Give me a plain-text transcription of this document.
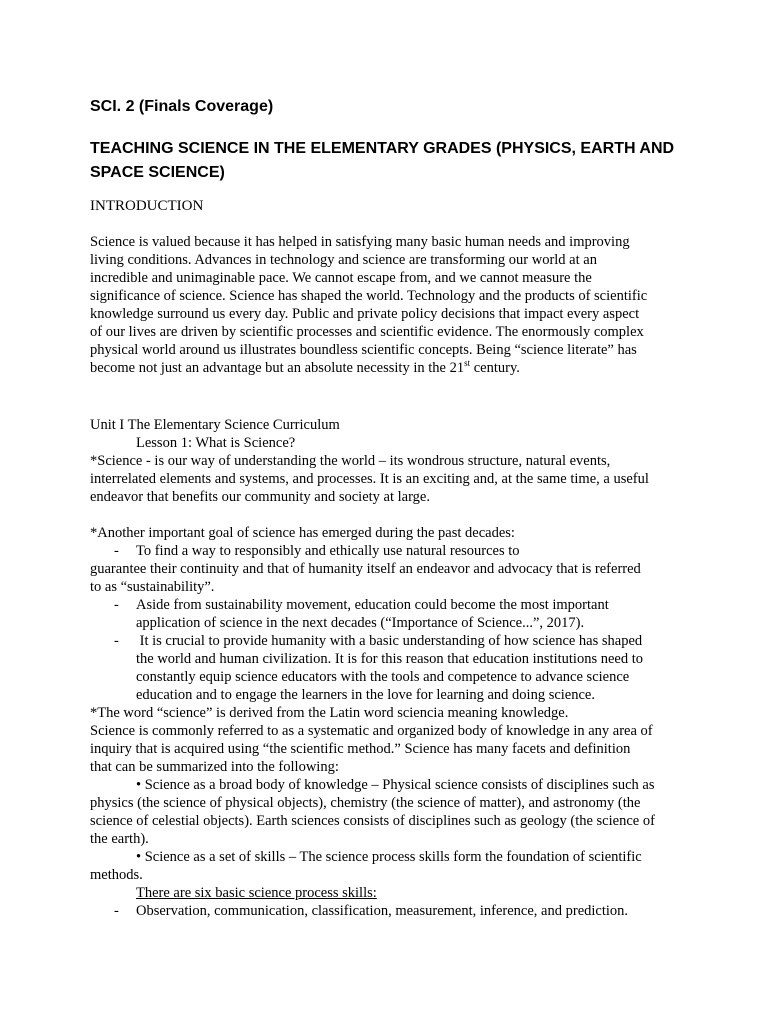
SCI. 2 (Finals Coverage)
TEACHING SCIENCE IN THE ELEMENTARY GRADES (PHYSICS, EARTH AND SPACE SCIENCE)
INTRODUCTION
Science is valued because it has helped in satisfying many basic human needs and improving
living conditions. Advances in technology and science are transforming our world at an
incredible and unimaginable pace. We cannot escape from, and we cannot measure the
significance of science. Science has shaped the world. Technology and the products of scientific
knowledge surround us every day. Public and private policy decisions that impact every aspect
of our lives are driven by scientific processes and scientific evidence. The enormously complex
physical world around us illustrates boundless scientific concepts. Being “science literate” has
become not just an advantage but an absolute necessity in the 21st century.
Unit I The Elementary Science Curriculum
Lesson 1: What is Science?
*Science - is our way of understanding the world – its wondrous structure, natural events,
interrelated elements and systems, and processes. It is an exciting and, at the same time, a useful
endeavor that benefits our community and society at large.
*Another important goal of science has emerged during the past decades:
- To find a way to responsibly and ethically use natural resources to
guarantee their continuity and that of humanity itself an endeavor and advocacy that is referred
to as “sustainability”.
- Aside from sustainability movement, education could become the most important
application of science in the next decades (“Importance of Science...”, 2017).
- It is crucial to provide humanity with a basic understanding of how science has shaped
the world and human civilization. It is for this reason that education institutions need to
constantly equip science educators with the tools and competence to advance science
education and to engage the learners in the love for learning and doing science.
*The word “science” is derived from the Latin word sciencia meaning knowledge.
Science is commonly referred to as a systematic and organized body of knowledge in any area of
inquiry that is acquired using “the scientific method.” Science has many facets and definition
that can be summarized into the following:
• Science as a broad body of knowledge – Physical science consists of disciplines such as
physics (the science of physical objects), chemistry (the science of matter), and astronomy (the
science of celestial objects). Earth sciences consists of disciplines such as geology (the science of
the earth).
• Science as a set of skills – The science process skills form the foundation of scientific
methods.
There are six basic science process skills:
- Observation, communication, classification, measurement, inference, and prediction.
